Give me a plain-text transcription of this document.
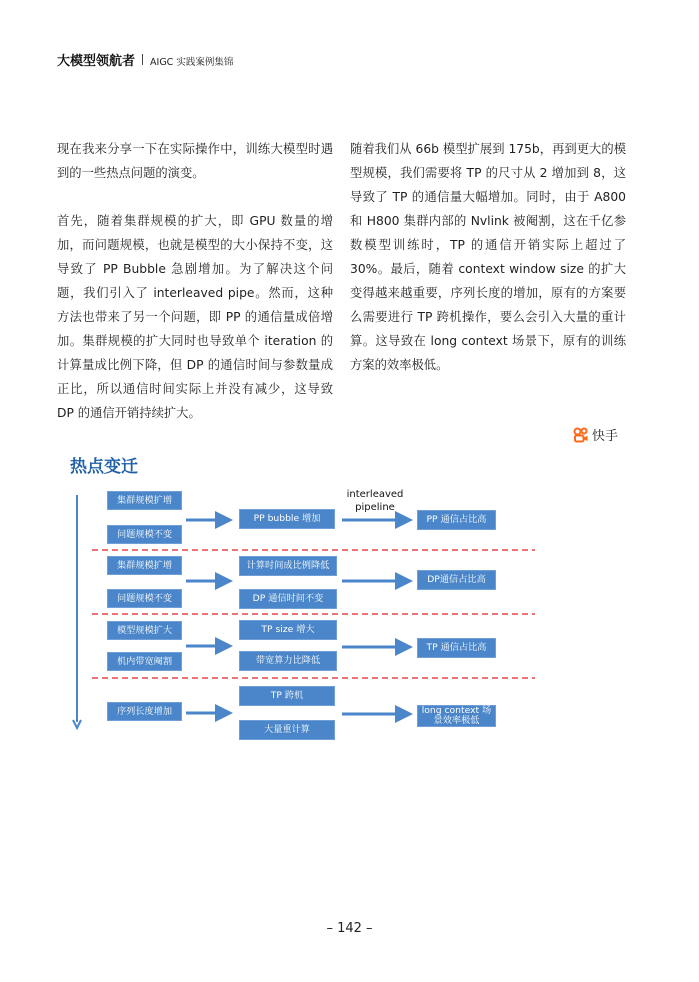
大模型领航者 AIGC 实践案例集锦

现在我来分享一下在实际操作中，训练大模型时遇到的一些热点问题的演变。

首先，随着集群规模的扩大，即 GPU 数量的增加，而问题规模，也就是模型的大小保持不变，这导致了 PP Bubble 急剧增加。为了解决这个问题，我们引入了 interleaved pipe。然而，这种方法也带来了另一个问题，即 PP 的通信量成倍增加。集群规模的扩大同时也导致单个 iteration 的计算量成比例下降，但 DP 的通信时间与参数量成正比，所以通信时间实际上并没有减少，这导致 DP 的通信开销持续扩大。

随着我们从 66b 模型扩展到 175b，再到更大的模型规模，我们需要将 TP 的尺寸从 2 增加到 8，这导致了 TP 的通信量大幅增加。同时，由于 A800 和 H800 集群内部的 Nvlink 被阉割，这在千亿参数模型训练时，TP 的通信开销实际上超过了 30%。最后，随着 context window size 的扩大变得越来越重要，序列长度的增加，原有的方案要么需要进行 TP 跨机操作，要么会引入大量的重计算。这导致在 long context 场景下，原有的训练方案的效率极低。

快手
热点变迁
集群规模扩增
问题规模不变
PP bubble 增加
interleaved
pipeline
PP 通信占比高
集群规模扩增
问题规模不变
计算时间成比例降低
DP 通信时间不变
DP通信占比高
模型规模扩大
机内带宽阉割
TP size 增大
带宽算力比降低
TP 通信占比高
序列长度增加
TP 跨机
大量重计算
long context 场景效率极低
– 142 –
